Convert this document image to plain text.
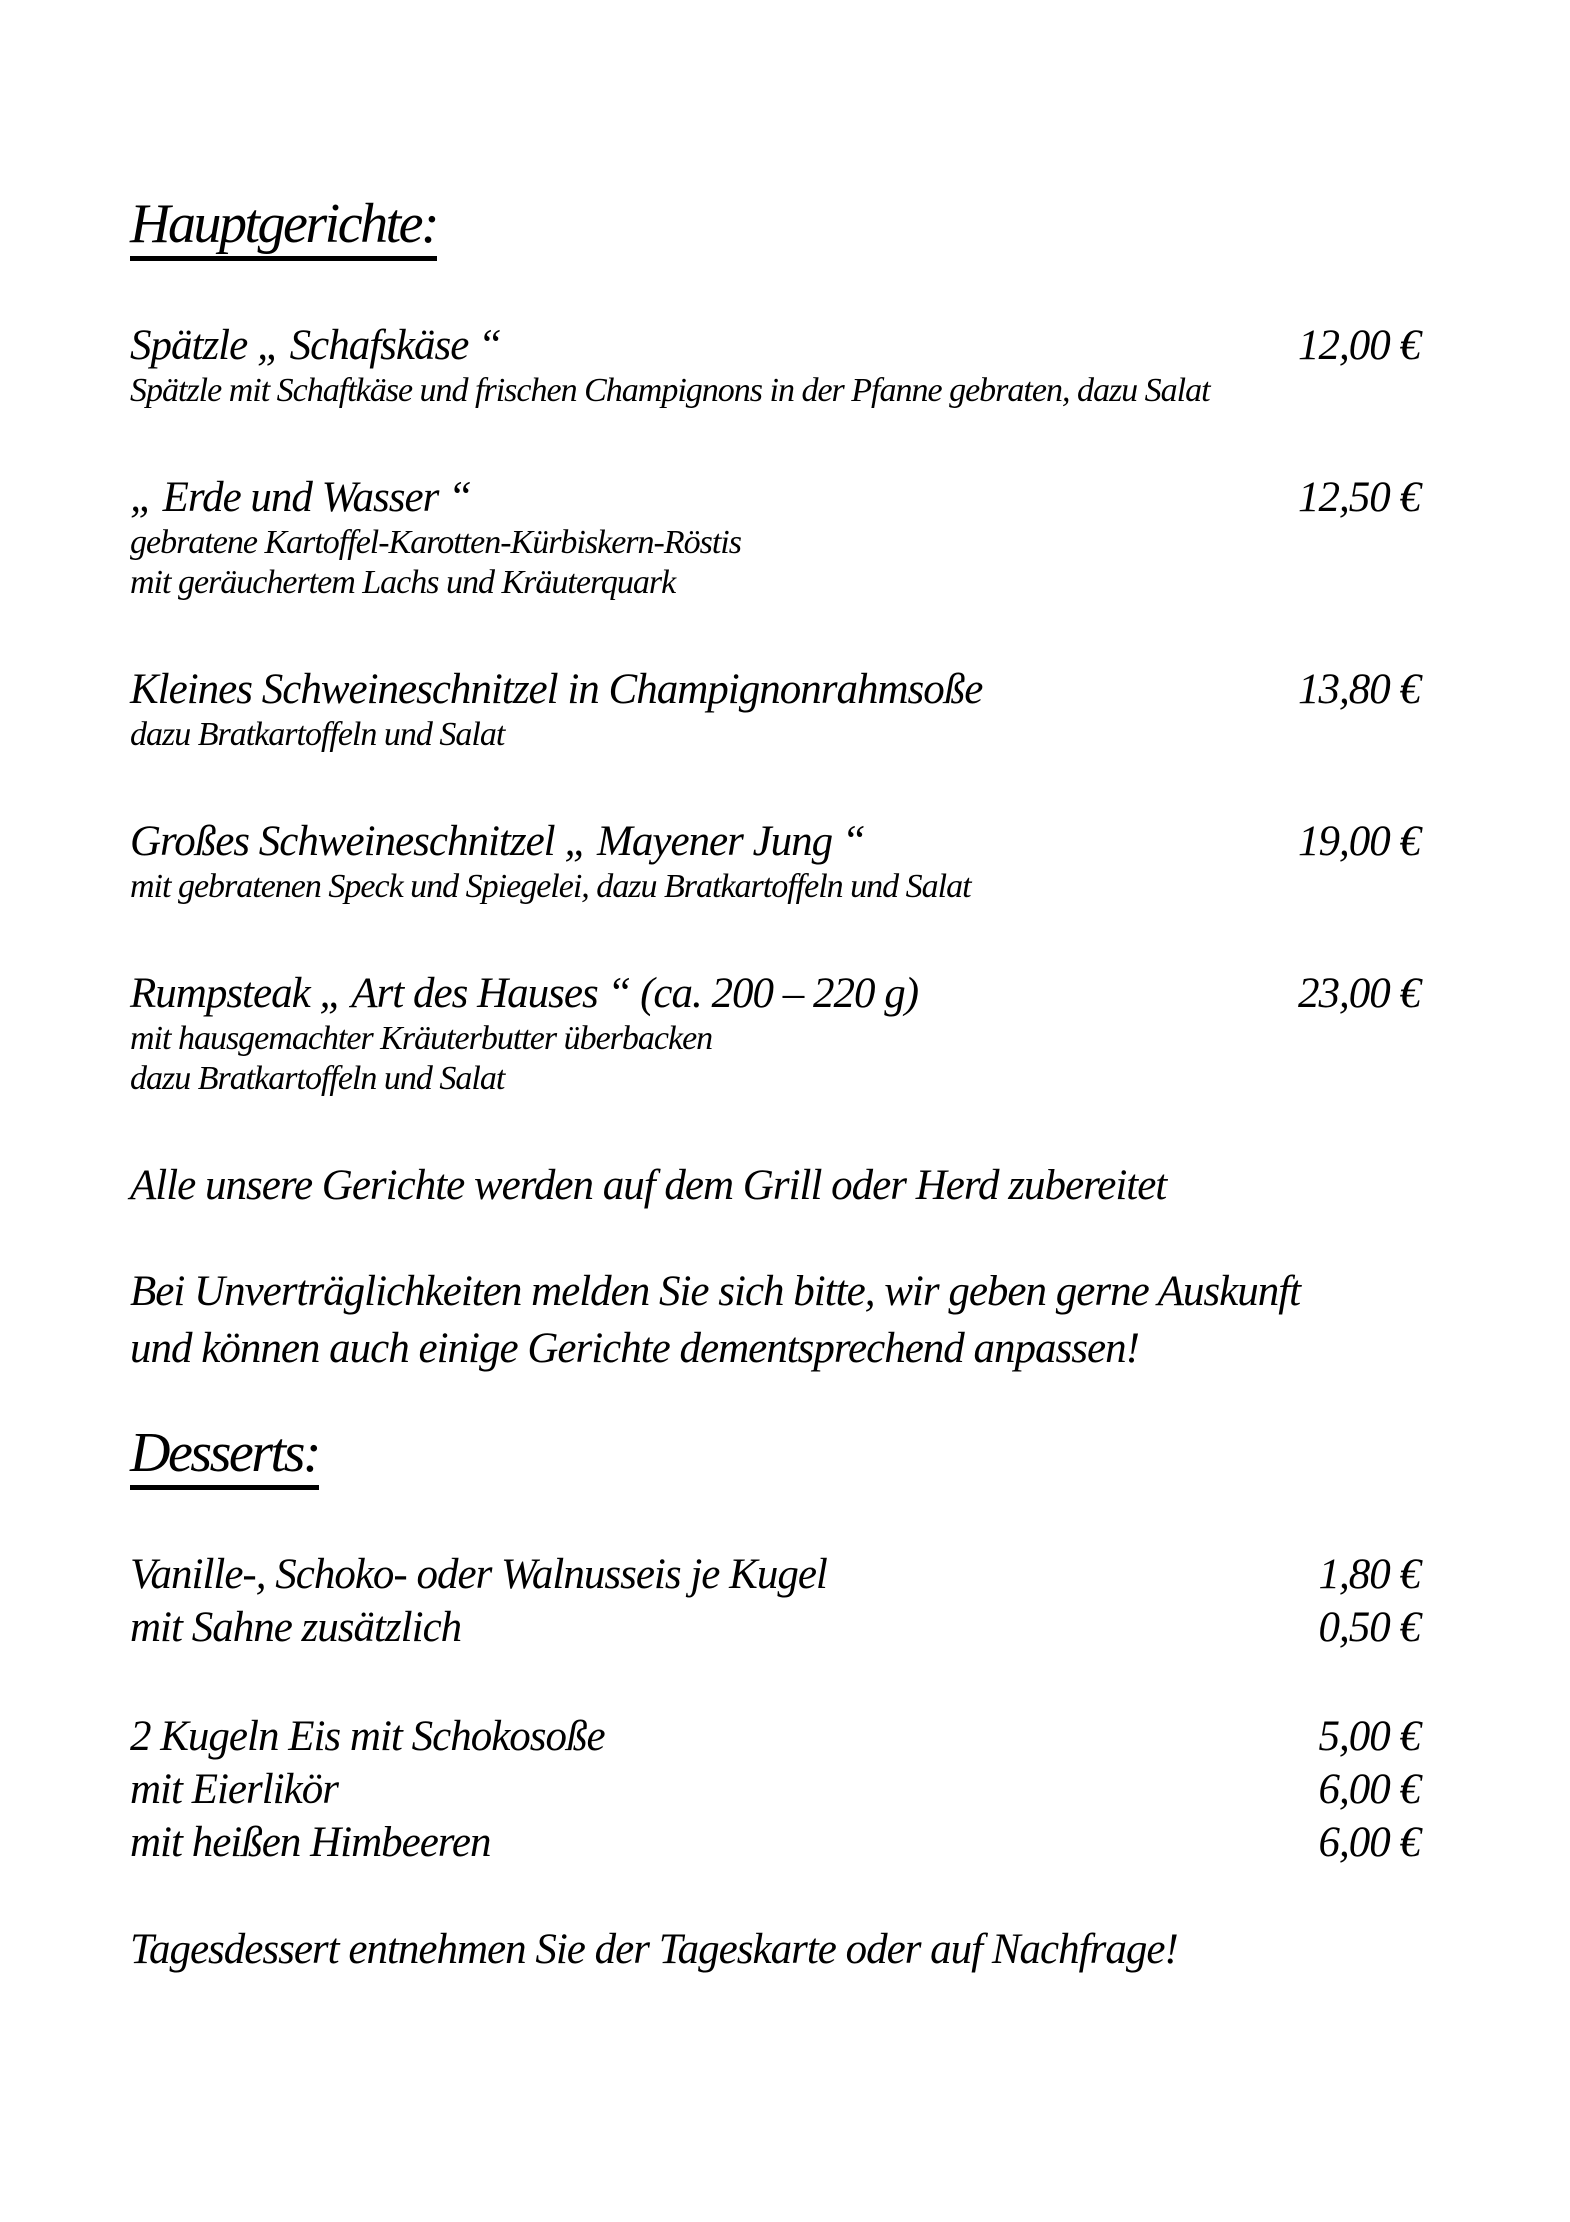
Hauptgerichte:
Spätzle „ Schafskäse “	12,00 €
Spätzle mit Schaftkäse und frischen Champignons in der Pfanne gebraten, dazu Salat
„ Erde und Wasser “	12,50 €
gebratene Kartoffel-Karotten-Kürbiskern-Röstis
mit geräuchertem Lachs und Kräuterquark
Kleines Schweineschnitzel in Champignonrahmsoße	13,80 €
dazu Bratkartoffeln und Salat
Großes Schweineschnitzel „ Mayener Jung “	19,00 €
mit gebratenen Speck und Spiegelei, dazu Bratkartoffeln und Salat
Rumpsteak „ Art des Hauses “ (ca. 200 – 220 g)	23,00 €
mit hausgemachter Kräuterbutter überbacken
dazu Bratkartoffeln und Salat
Alle unsere Gerichte werden auf dem Grill oder Herd zubereitet
Bei Unverträglichkeiten melden Sie sich bitte, wir geben gerne Auskunft
und können auch einige Gerichte dementsprechend anpassen!
Desserts:
Vanille-, Schoko- oder Walnusseis je Kugel	1,80 €
mit Sahne zusätzlich	0,50 €
2 Kugeln Eis mit Schokosoße	5,00 €
mit Eierlikör	6,00 €
mit heißen Himbeeren	6,00 €
Tagesdessert entnehmen Sie der Tageskarte oder auf Nachfrage!
